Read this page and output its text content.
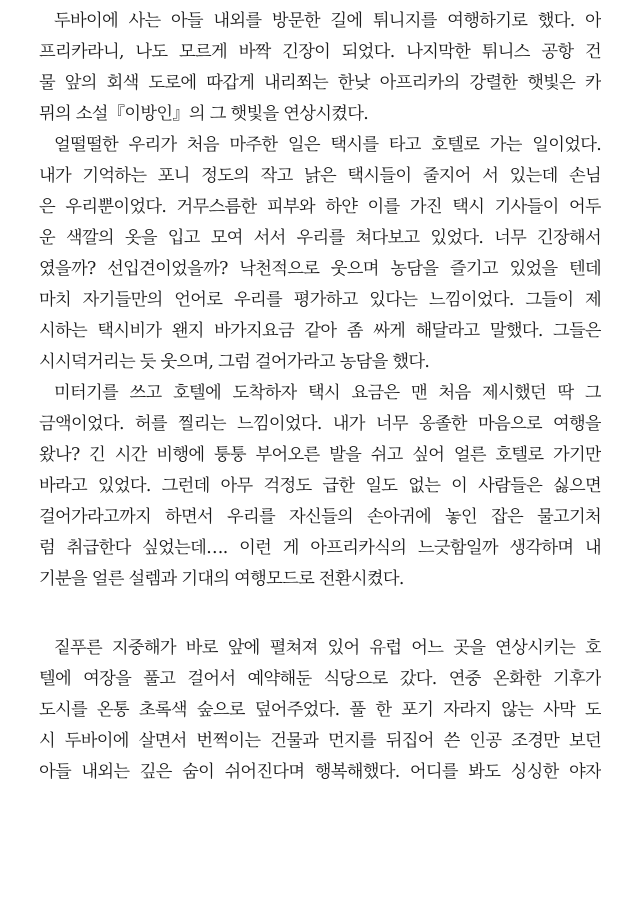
두바이에 사는 아들 내외를 방문한 길에 튀니지를 여행하기로 했다. 아
프리카라니, 나도 모르게 바짝 긴장이 되었다. 나지막한 튀니스 공항 건
물 앞의 회색 도로에 따갑게 내리쬐는 한낮 아프리카의 강렬한 햇빛은 카
뮈의 소설『이방인』의 그 햇빛을 연상시켰다.

얼떨떨한 우리가 처음 마주한 일은 택시를 타고 호텔로 가는 일이었다.
내가 기억하는 포니 정도의 작고 낡은 택시들이 줄지어 서 있는데 손님
은 우리뿐이었다. 거무스름한 피부와 하얀 이를 가진 택시 기사들이 어두
운 색깔의 옷을 입고 모여 서서 우리를 쳐다보고 있었다. 너무 긴장해서
였을까? 선입견이었을까? 낙천적으로 웃으며 농담을 즐기고 있었을 텐데
마치 자기들만의 언어로 우리를 평가하고 있다는 느낌이었다. 그들이 제
시하는 택시비가 왠지 바가지요금 같아 좀 싸게 해달라고 말했다. 그들은
시시덕거리는 듯 웃으며, 그럼 걸어가라고 농담을 했다.

미터기를 쓰고 호텔에 도착하자 택시 요금은 맨 처음 제시했던 딱 그
금액이었다. 허를 찔리는 느낌이었다. 내가 너무 옹졸한 마음으로 여행을
왔나? 긴 시간 비행에 퉁퉁 부어오른 발을 쉬고 싶어 얼른 호텔로 가기만
바라고 있었다. 그런데 아무 걱정도 급한 일도 없는 이 사람들은 싫으면
걸어가라고까지 하면서 우리를 자신들의 손아귀에 놓인 잡은 물고기처
럼 취급한다 싶었는데…. 이런 게 아프리카식의 느긋함일까 생각하며 내
기분을 얼른 설렘과 기대의 여행모드로 전환시켰다.

짙푸른 지중해가 바로 앞에 펼쳐져 있어 유럽 어느 곳을 연상시키는 호
텔에 여장을 풀고 걸어서 예약해둔 식당으로 갔다. 연중 온화한 기후가
도시를 온통 초록색 숲으로 덮어주었다. 풀 한 포기 자라지 않는 사막 도
시 두바이에 살면서 번쩍이는 건물과 먼지를 뒤집어 쓴 인공 조경만 보던
아들 내외는 깊은 숨이 쉬어진다며 행복해했다. 어디를 봐도 싱싱한 야자
